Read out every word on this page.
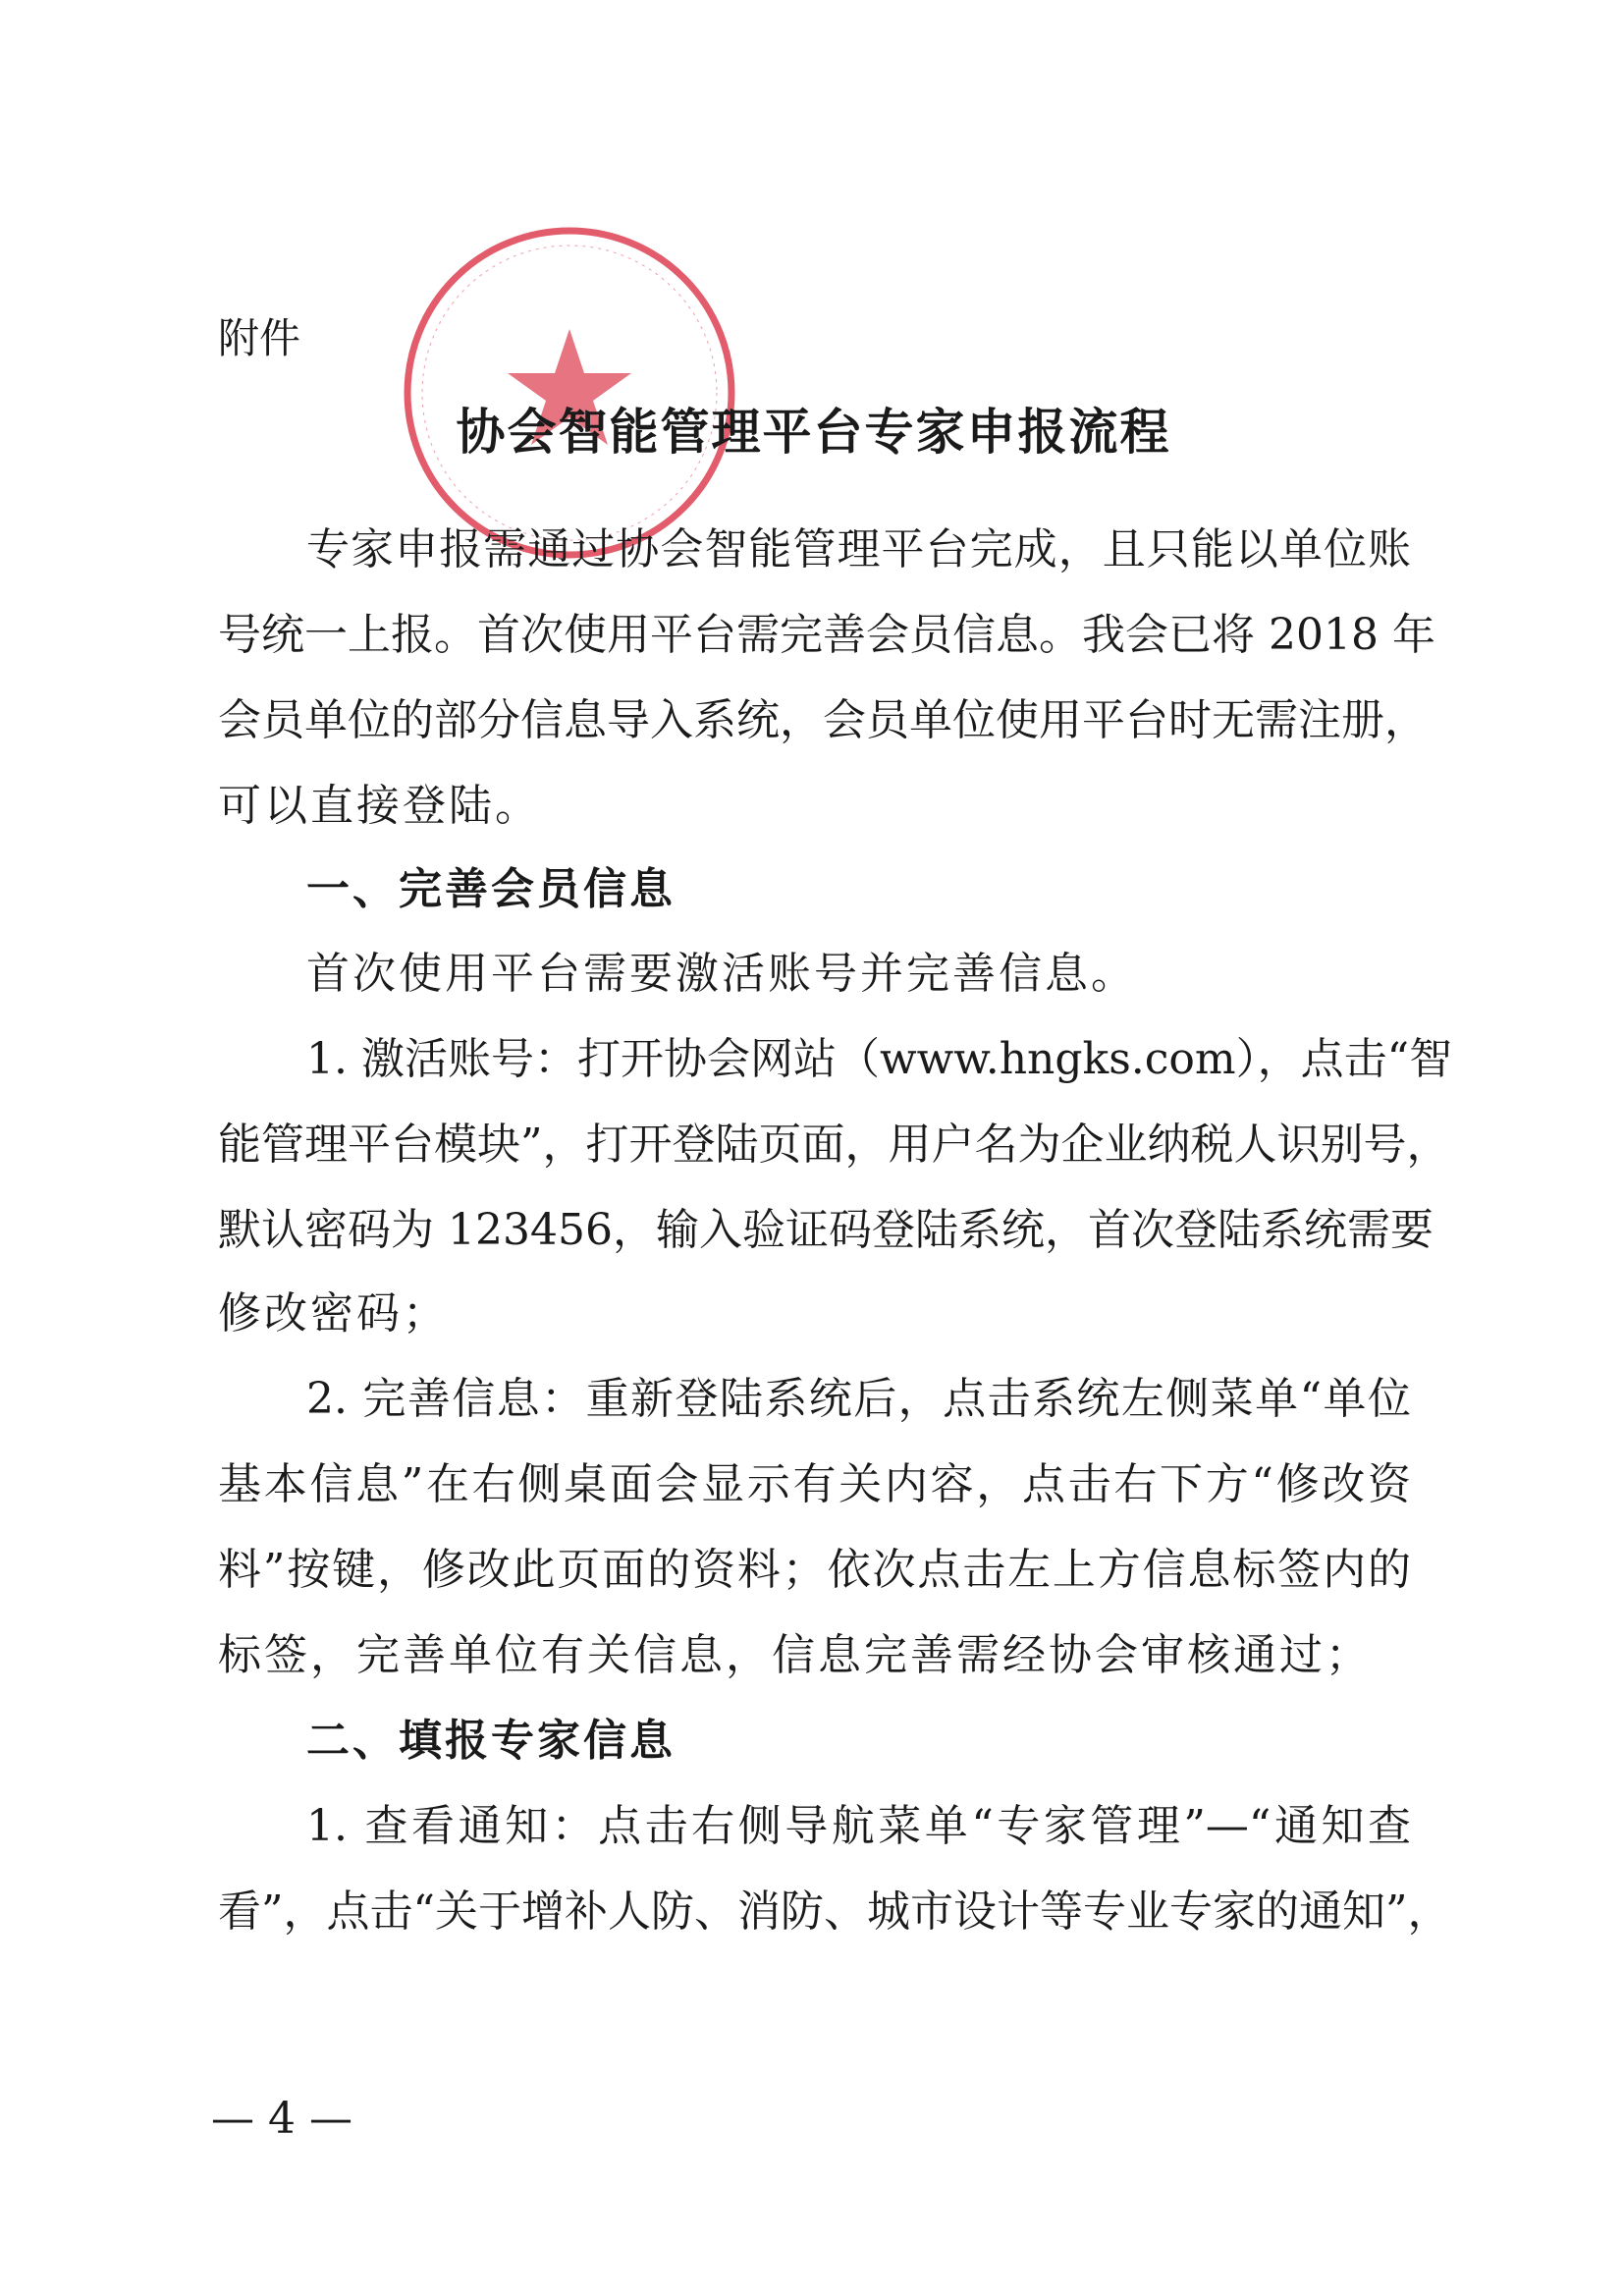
附件
协会智能管理平台专家申报流程
专家申报需通过协会智能管理平台完成，且只能以单位账
号统一上报。首次使用平台需完善会员信息。我会已将 2018 年
会员单位的部分信息导入系统，会员单位使用平台时无需注册，
可以直接登陆。
一、完善会员信息
首次使用平台需要激活账号并完善信息。
1. 激活账号：打开协会网站（www.hngks.com），点击“智
能管理平台模块”，打开登陆页面，用户名为企业纳税人识别号，
默认密码为 123456，输入验证码登陆系统，首次登陆系统需要
修改密码；
2. 完善信息：重新登陆系统后，点击系统左侧菜单“单位
基本信息”在右侧桌面会显示有关内容，点击右下方“修改资
料”按键，修改此页面的资料；依次点击左上方信息标签内的
标签，完善单位有关信息，信息完善需经协会审核通过；
二、填报专家信息
1. 查看通知：点击右侧导航菜单“专家管理”—“通知查
看”，点击“关于增补人防、消防、城市设计等专业专家的通知”，
— 4 —
